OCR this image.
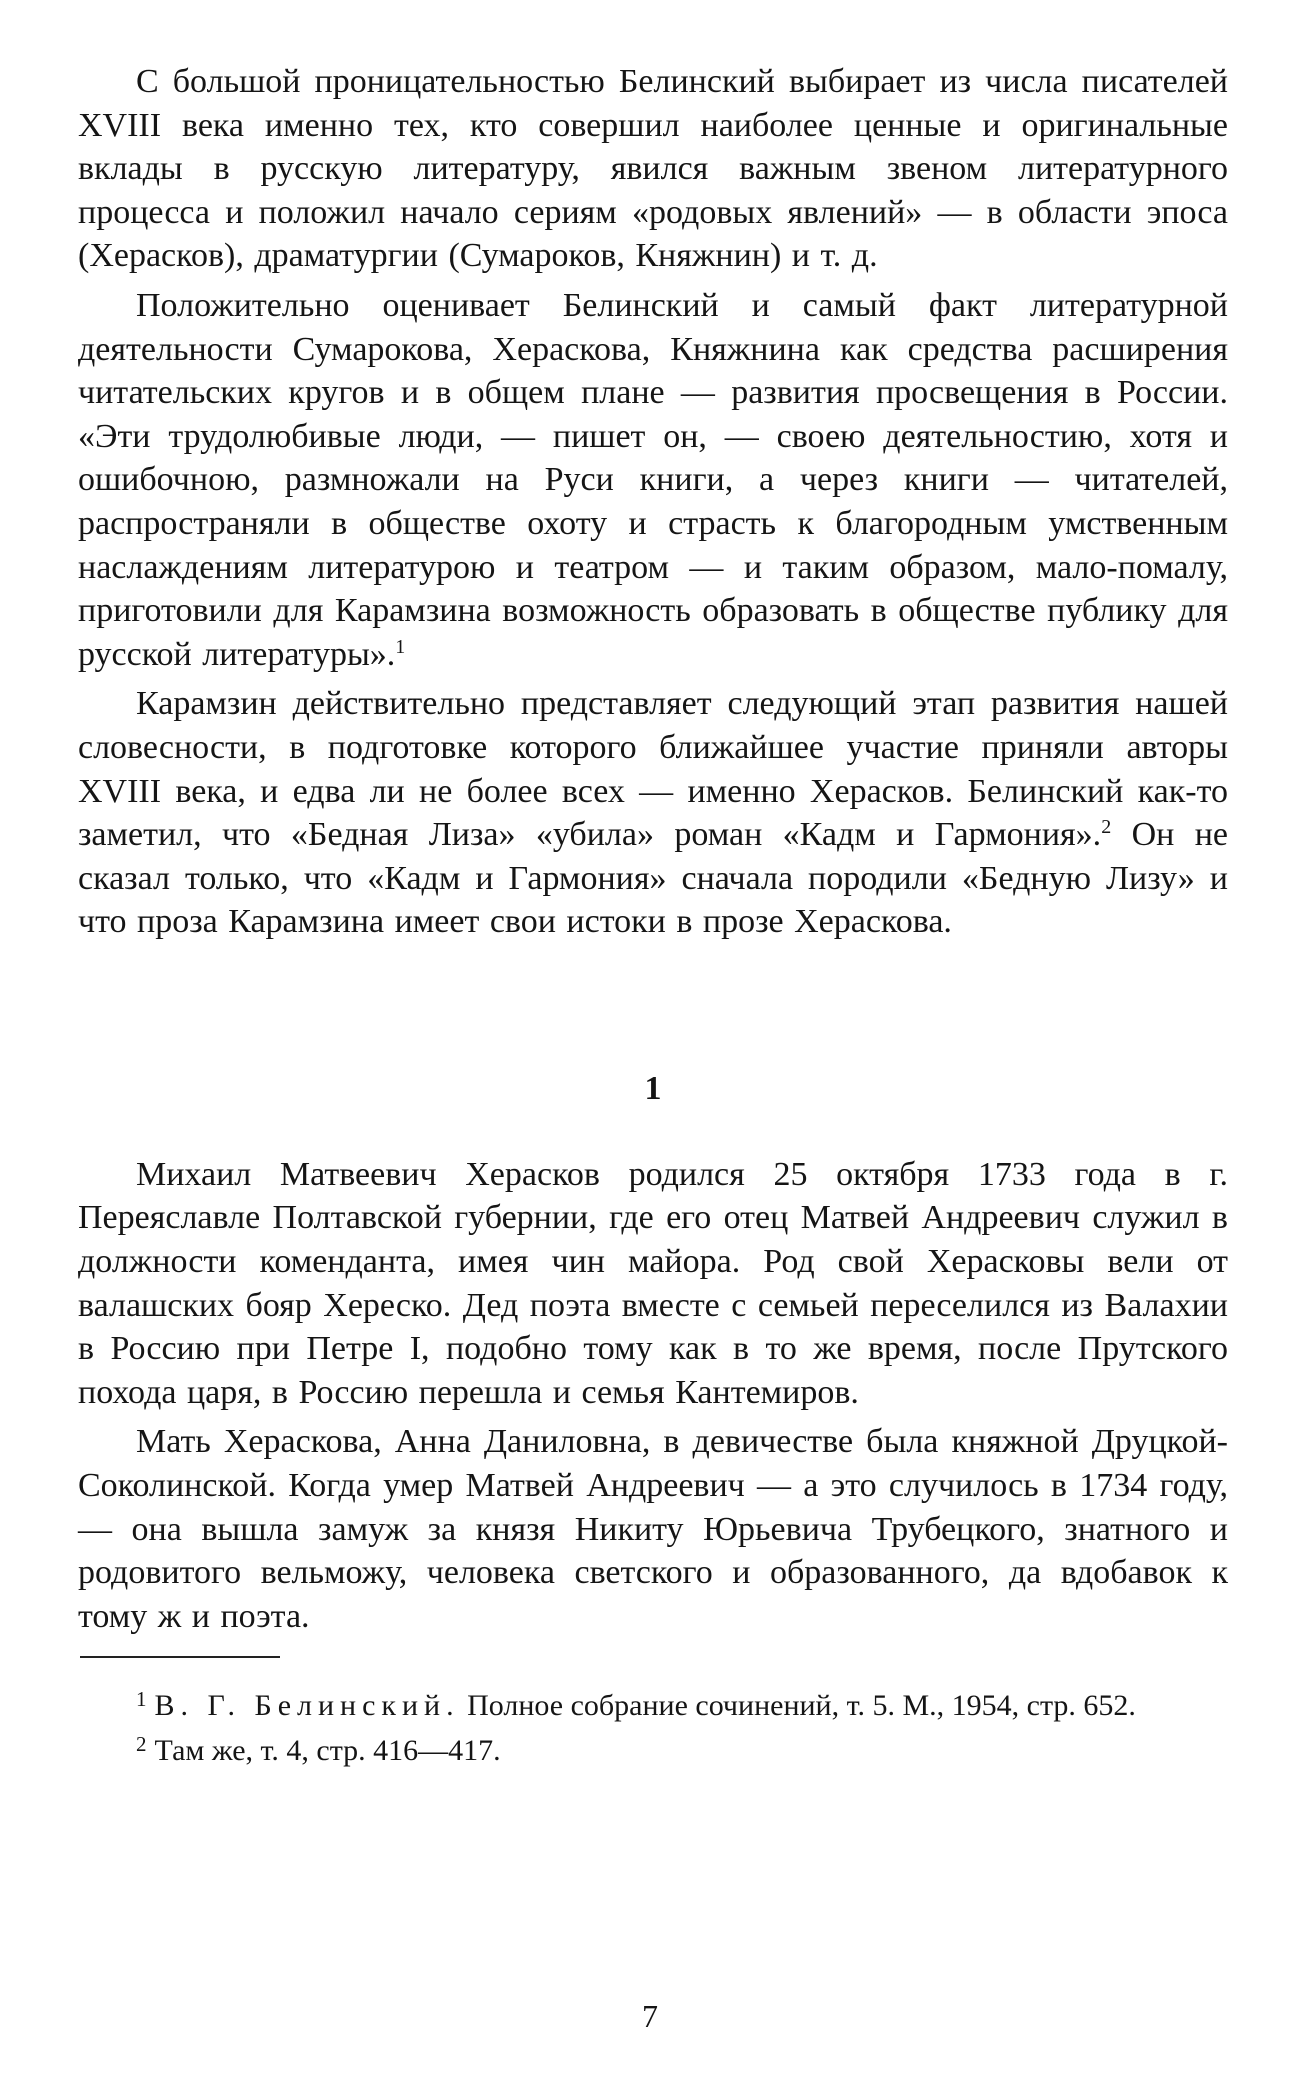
С большой проницательностью Белинский выбирает из числа писателей XVIII века именно тех, кто совершил наиболее ценные и оригинальные вклады в русскую литературу, явился важным звеном литературного процесса и положил начало сериям «родовых явлений» — в области эпоса (Херасков), драматургии (Сумароков, Княжнин) и т. д.

Положительно оценивает Белинский и самый факт литературной деятельности Сумарокова, Хераскова, Княжнина как средства расширения читательских кругов и в общем плане — развития просвещения в России. «Эти трудолюбивые люди, — пишет он, — своею деятельностию, хотя и ошибочною, размножали на Руси книги, а через книги — читателей, распространяли в обществе охоту и страсть к благородным умственным наслаждениям литературою и театром — и таким образом, мало-помалу, приготовили для Карамзина возможность образовать в обществе публику для русской литературы».$^1$

Карамзин действительно представляет следующий этап развития нашей словесности, в подготовке которого ближайшее участие приняли авторы XVIII века, и едва ли не более всех — именно Херасков. Белинский как-то заметил, что «Бедная Лиза» «убила» роман «Кадм и Гармония».$^2$ Он не сказал только, что «Кадм и Гармония» сначала породили «Бедную Лизу» и что проза Карамзина имеет свои истоки в прозе Хераскова.

1

Михаил Матвеевич Херасков родился 25 октября 1733 года в г. Переяславле Полтавской губернии, где его отец Матвей Андреевич служил в должности коменданта, имея чин майора. Род свой Херасковы вели от валашских бояр Хереско. Дед поэта вместе с семьей переселился из Валахии в Россию при Петре I, подобно тому как в то же время, после Прутского похода царя, в Россию перешла и семья Кантемиров.

Мать Хераскова, Анна Даниловна, в девичестве была княжной Друцкой-Соколинской. Когда умер Матвей Андреевич — а это случилось в 1734 году, — она вышла замуж за князя Никиту Юрьевича Трубецкого, знатного и родовитого вельможу, человека светского и образованного, да вдобавок к тому ж и поэта.

$^1$ В. Г. Белинский. Полное собрание сочинений, т. 5. М., 1954, стр. 652.

$^2$ Там же, т. 4, стр. 416—417.

7
